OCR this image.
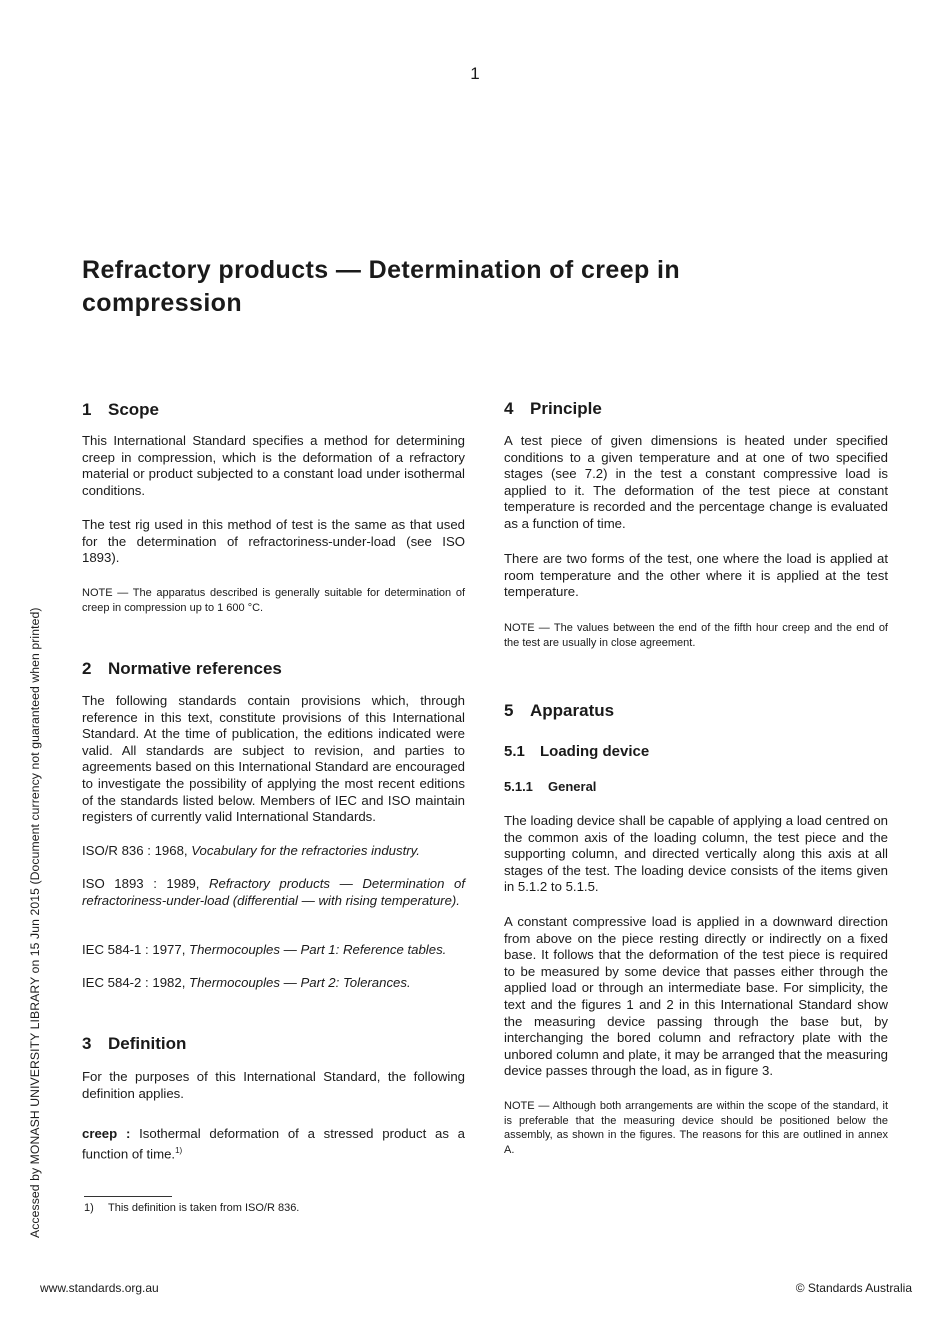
1
Refractory products — Determination of creep in compression
Accessed by MONASH UNIVERSITY LIBRARY on 15 Jun 2015 (Document currency not guaranteed when printed)
1 Scope

This International Standard specifies a method for determining creep in compression, which is the deformation of a refractory material or product subjected to a constant load under isothermal conditions.

The test rig used in this method of test is the same as that used for the determination of refractoriness-under-load (see ISO 1893).

NOTE — The apparatus described is generally suitable for determination of creep in compression up to 1 600 °C.

2 Normative references

The following standards contain provisions which, through reference in this text, constitute provisions of this International Standard. At the time of publication, the editions indicated were valid. All standards are subject to revision, and parties to agreements based on this International Standard are encouraged to investigate the possibility of applying the most recent editions of the standards listed below. Members of IEC and ISO maintain registers of currently valid International Standards.

ISO/R 836 : 1968, Vocabulary for the refractories industry.

ISO 1893 : 1989, Refractory products — Determination of refractoriness-under-load (differential — with rising temperature).

IEC 584-1 : 1977, Thermocouples — Part 1: Reference tables.

IEC 584-2 : 1982, Thermocouples — Part 2: Tolerances.

3 Definition

For the purposes of this International Standard, the following definition applies.

creep : Isothermal deformation of a stressed product as a function of time.$^{1)}$

1) This definition is taken from ISO/R 836.
4 Principle

A test piece of given dimensions is heated under specified conditions to a given temperature and at one of two specified stages (see 7.2) in the test a constant compressive load is applied to it. The deformation of the test piece at constant temperature is recorded and the percentage change is evaluated as a function of time.

There are two forms of the test, one where the load is applied at room temperature and the other where it is applied at the test temperature.

NOTE — The values between the end of the fifth hour creep and the end of the test are usually in close agreement.

5 Apparatus
5.1 Loading device
5.1.1 General

The loading device shall be capable of applying a load centred on the common axis of the loading column, the test piece and the supporting column, and directed vertically along this axis at all stages of the test. The loading device consists of the items given in 5.1.2 to 5.1.5.

A constant compressive load is applied in a downward direction from above on the piece resting directly or indirectly on a fixed base. It follows that the deformation of the test piece is required to be measured by some device that passes either through the applied load or through an intermediate base. For simplicity, the text and the figures 1 and 2 in this International Standard show the measuring device passing through the base but, by interchanging the bored column and refractory plate with the unbored column and plate, it may be arranged that the measuring device passes through the load, as in figure 3.

NOTE — Although both arrangements are within the scope of the standard, it is preferable that the measuring device should be positioned below the assembly, as shown in the figures. The reasons for this are outlined in annex A.

www.standards.org.au	© Standards Australia
